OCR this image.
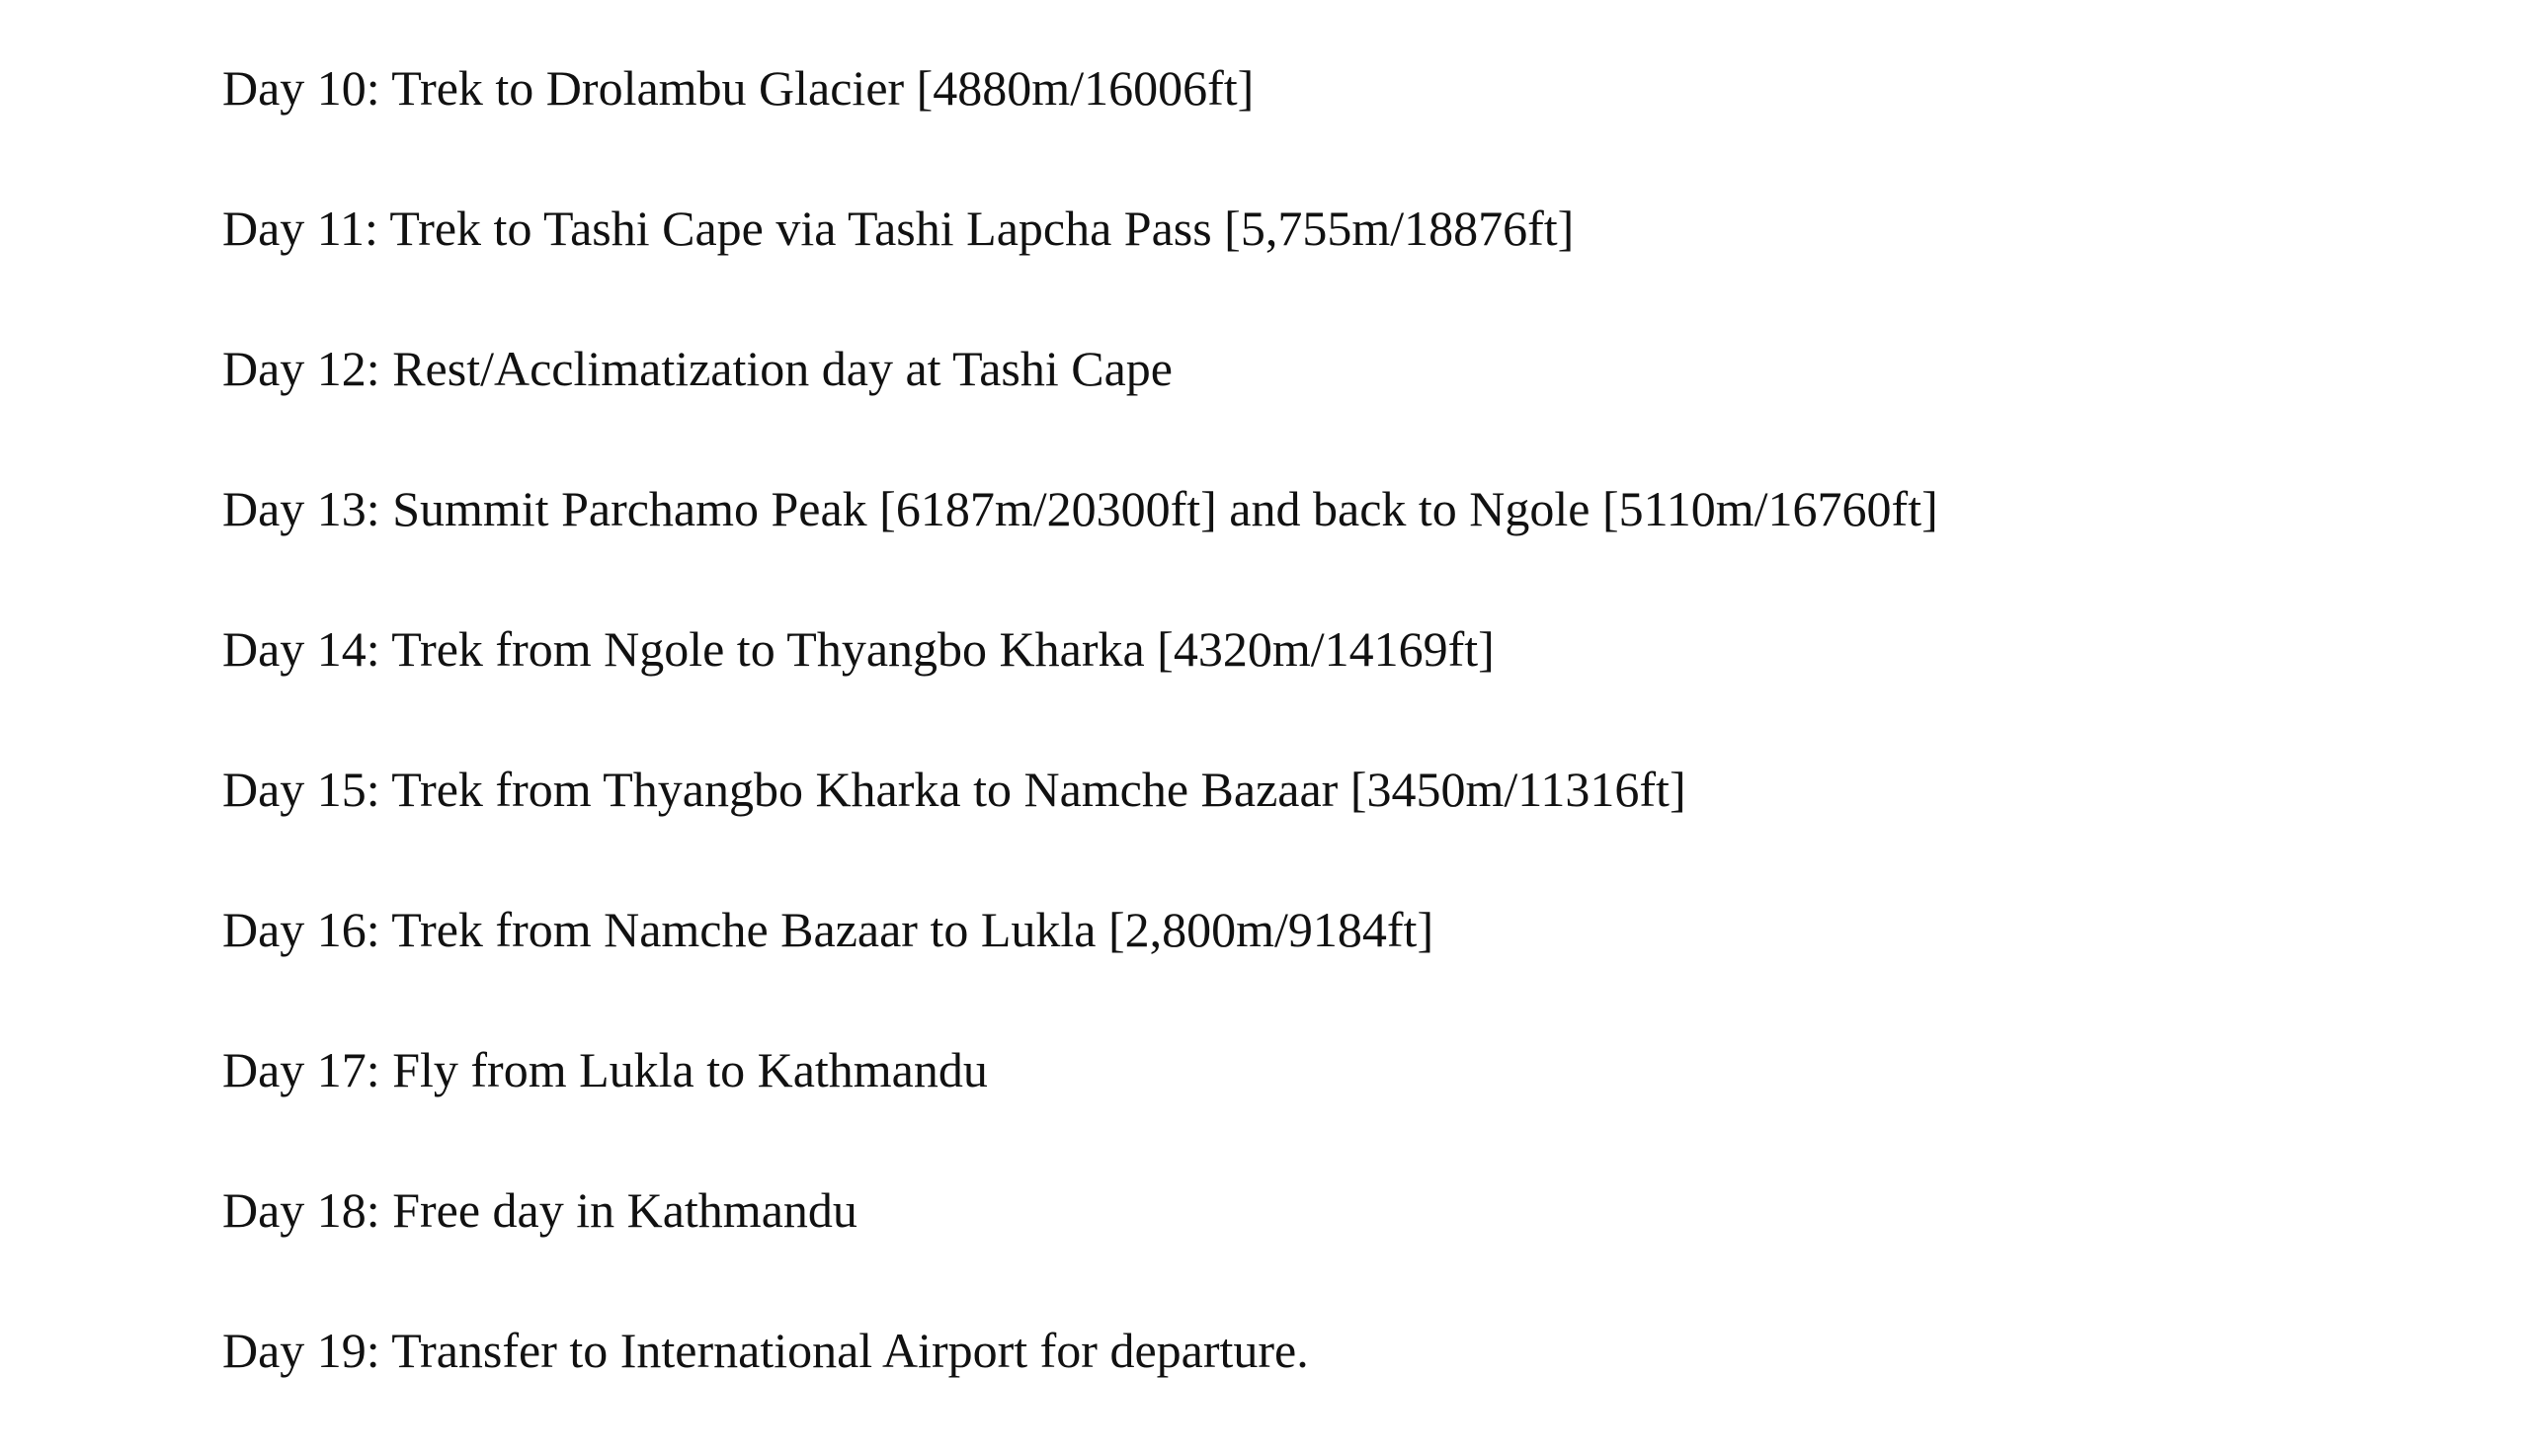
Day 10: Trek to Drolambu Glacier [4880m/16006ft]
Day 11: Trek to Tashi Cape via Tashi Lapcha Pass [5,755m/18876ft]
Day 12: Rest/Acclimatization day at Tashi Cape
Day 13: Summit Parchamo Peak [6187m/20300ft] and back to Ngole [5110m/16760ft]
Day 14: Trek from Ngole to Thyangbo Kharka [4320m/14169ft]
Day 15: Trek from Thyangbo Kharka to Namche Bazaar [3450m/11316ft]
Day 16: Trek from Namche Bazaar to Lukla [2,800m/9184ft]
Day 17: Fly from Lukla to Kathmandu
Day 18: Free day in Kathmandu
Day 19: Transfer to International Airport for departure.
